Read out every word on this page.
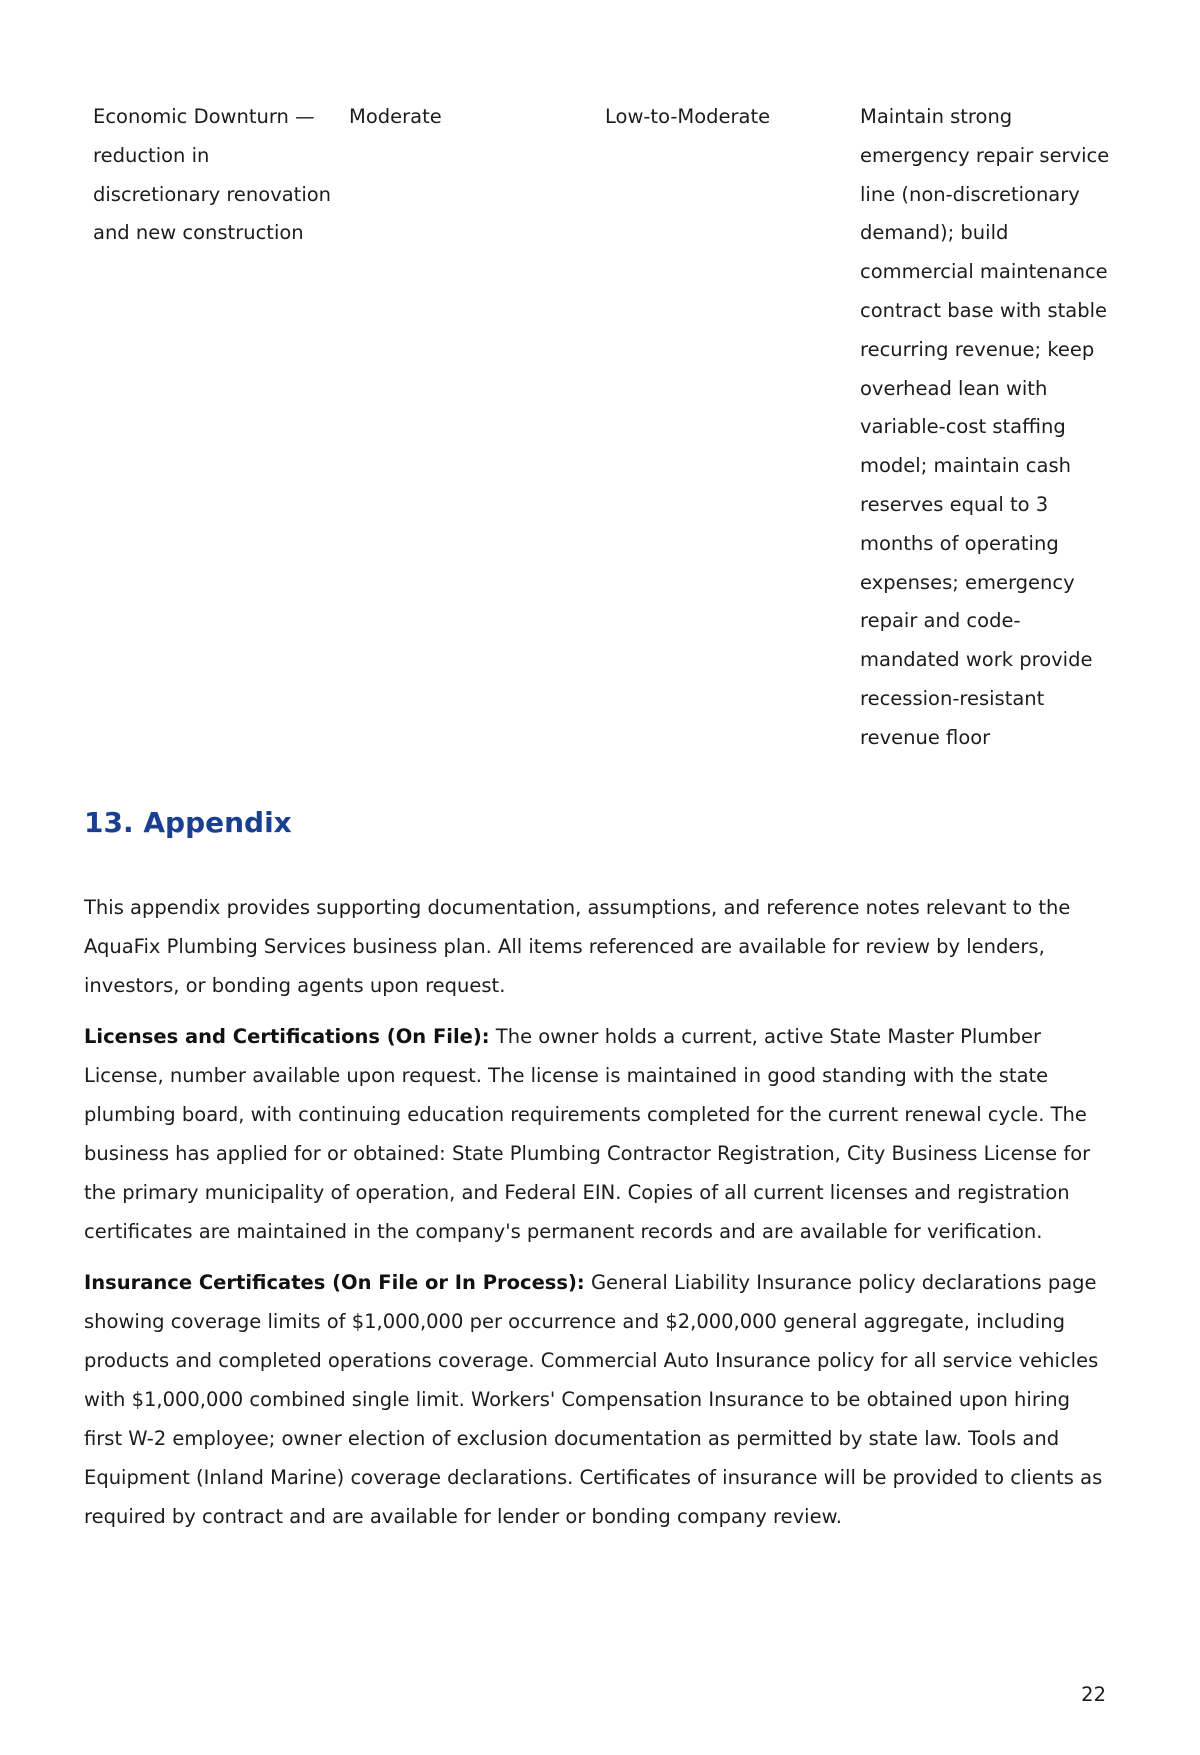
Economic Downturn — reduction in discretionary renovation and new construction
Moderate	Low-to-Moderate	Maintain strong emergency repair service line (non-discretionary demand); build commercial maintenance contract base with stable recurring revenue; keep overhead lean with variable-cost staffing model; maintain cash reserves equal to 3 months of operating expenses; emergency repair and code-mandated work provide recession-resistant revenue floor
13. Appendix

This appendix provides supporting documentation, assumptions, and reference notes relevant to the AquaFix Plumbing Services business plan. All items referenced are available for review by lenders, investors, or bonding agents upon request.

Licenses and Certifications (On File): The owner holds a current, active State Master Plumber License, number available upon request. The license is maintained in good standing with the state plumbing board, with continuing education requirements completed for the current renewal cycle. The business has applied for or obtained: State Plumbing Contractor Registration, City Business License for the primary municipality of operation, and Federal EIN. Copies of all current licenses and registration certificates are maintained in the company's permanent records and are available for verification.

Insurance Certificates (On File or In Process): General Liability Insurance policy declarations page showing coverage limits of $1,000,000 per occurrence and $2,000,000 general aggregate, including products and completed operations coverage. Commercial Auto Insurance policy for all service vehicles with $1,000,000 combined single limit. Workers' Compensation Insurance to be obtained upon hiring first W-2 employee; owner election of exclusion documentation as permitted by state law. Tools and Equipment (Inland Marine) coverage declarations. Certificates of insurance will be provided to clients as required by contract and are available for lender or bonding company review.

22
